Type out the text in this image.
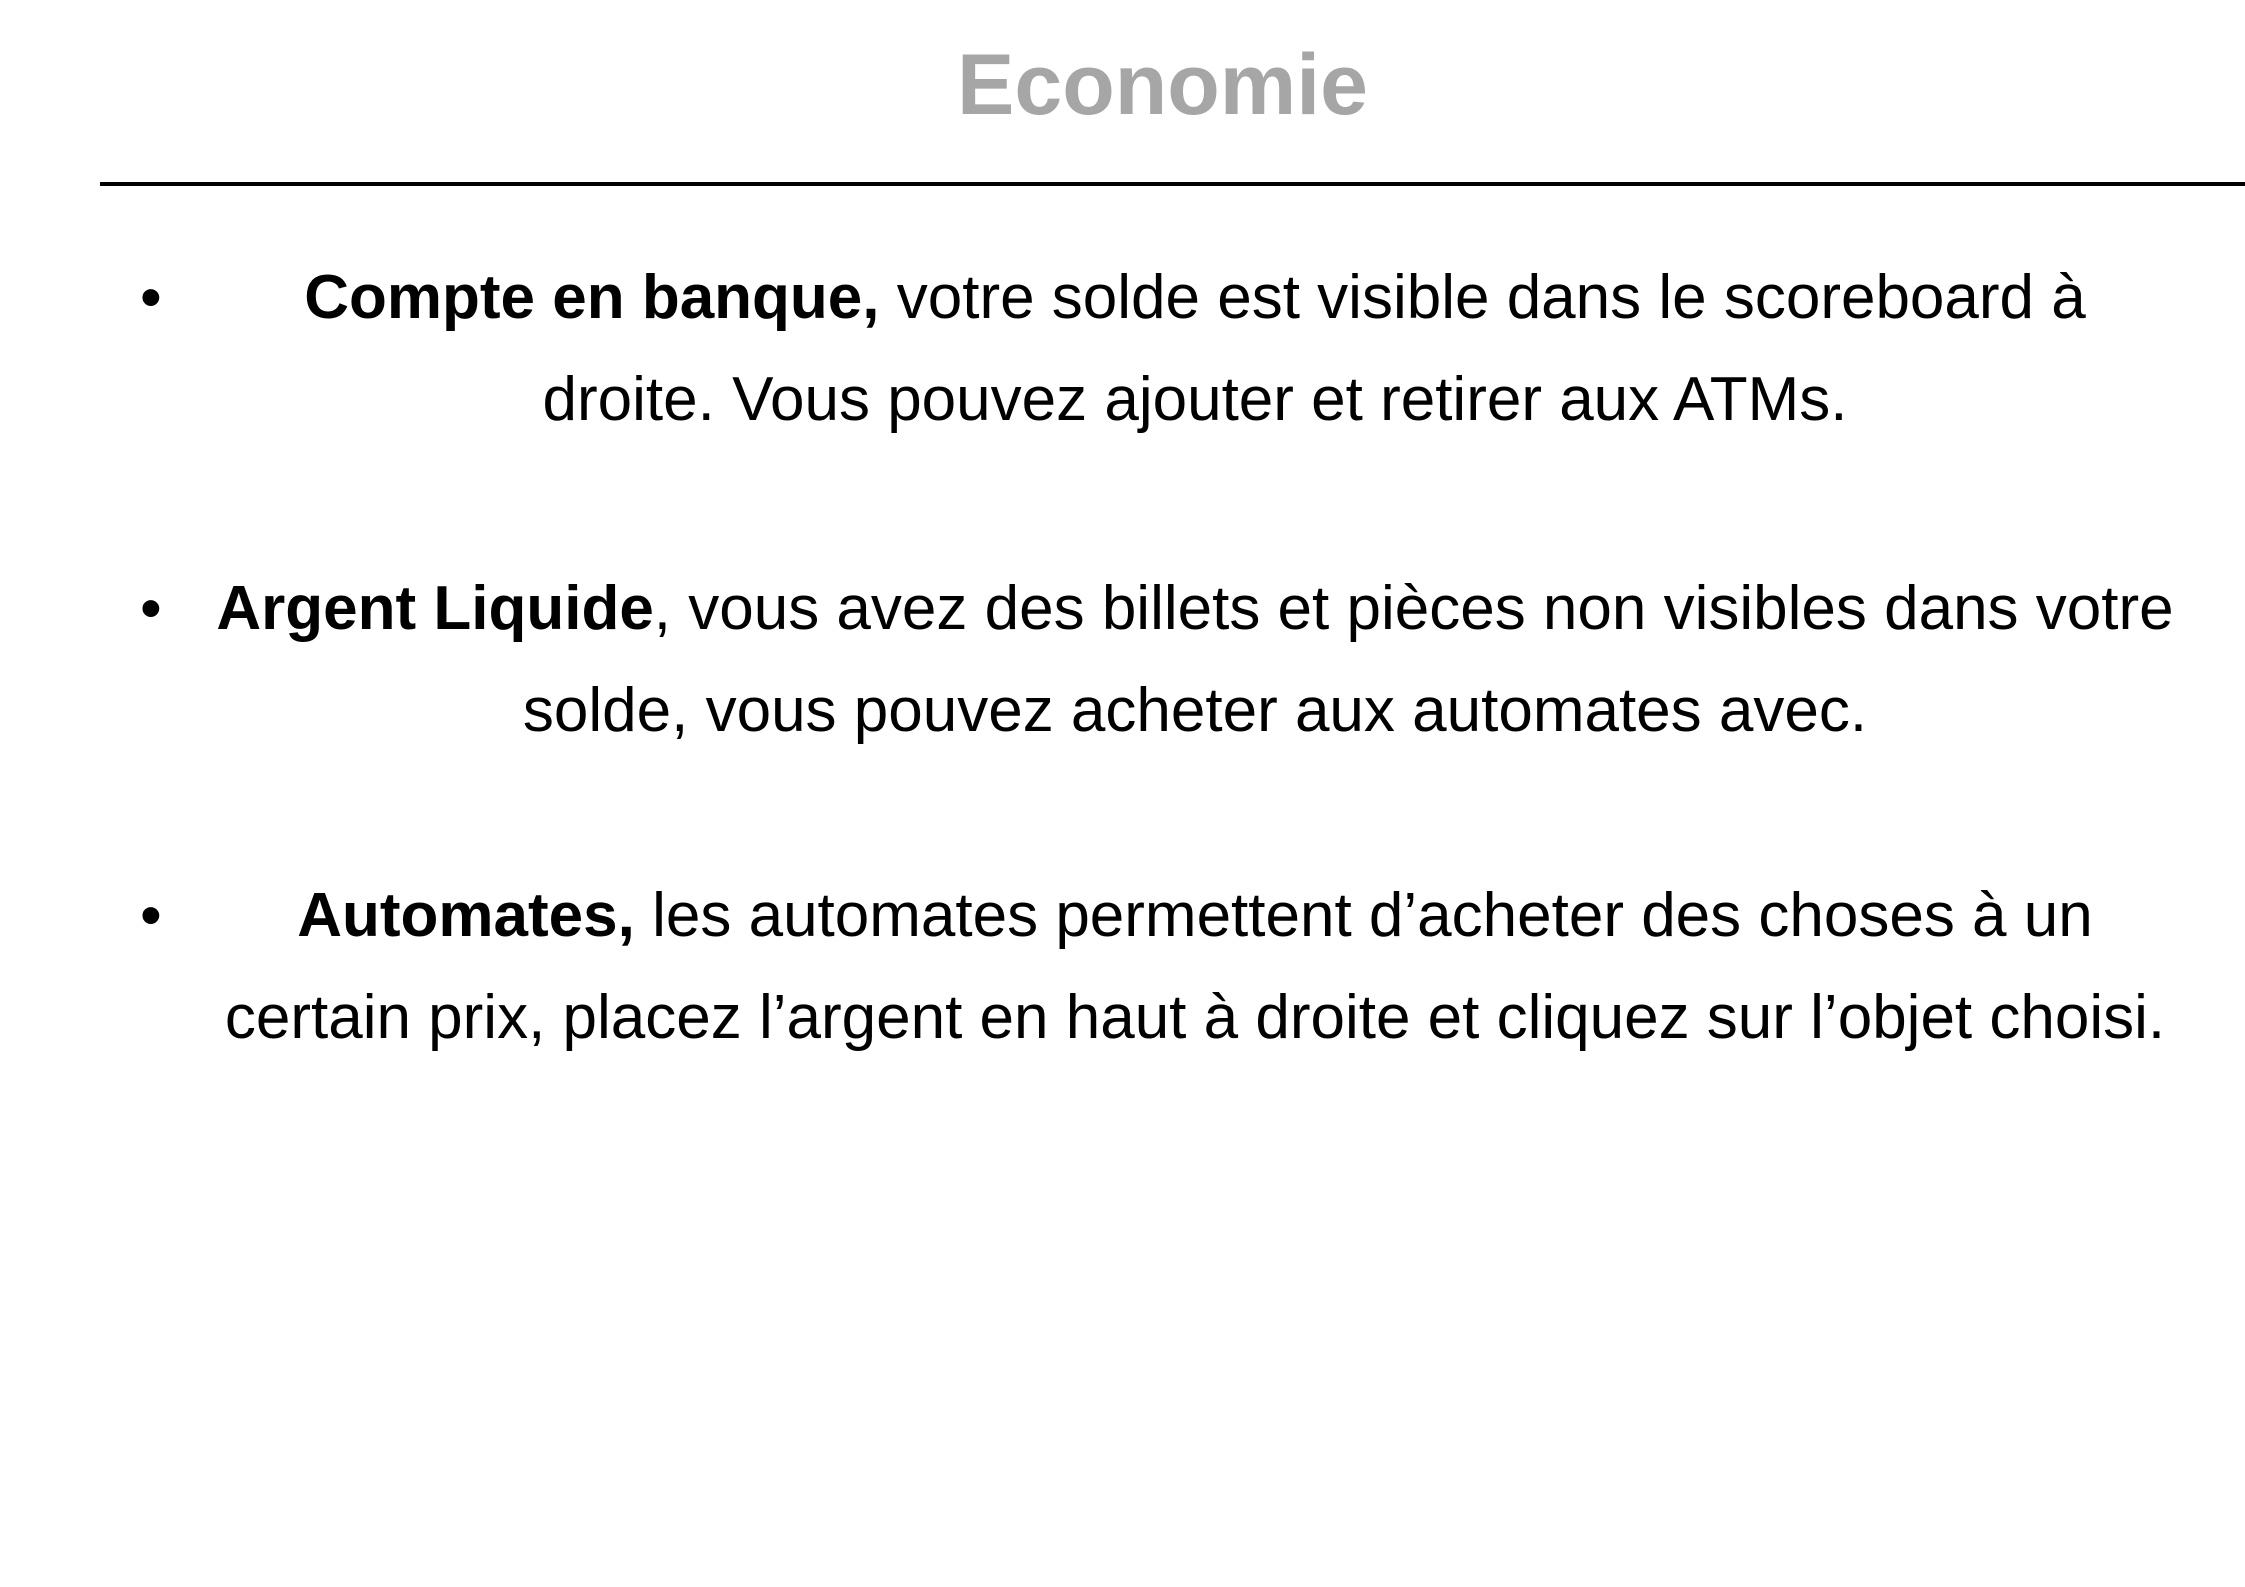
Economie
•	Compte en banque, votre solde est visible dans le scoreboard à droite. Vous pouvez ajouter et retirer aux ATMs.
• Argent Liquide, vous avez des billets et pièces non visibles dans votre solde, vous pouvez acheter aux automates avec.
•	Automates, les automates permettent d’acheter des choses à un certain prix, placez l’argent en haut à droite et cliquez sur l’objet choisi.
